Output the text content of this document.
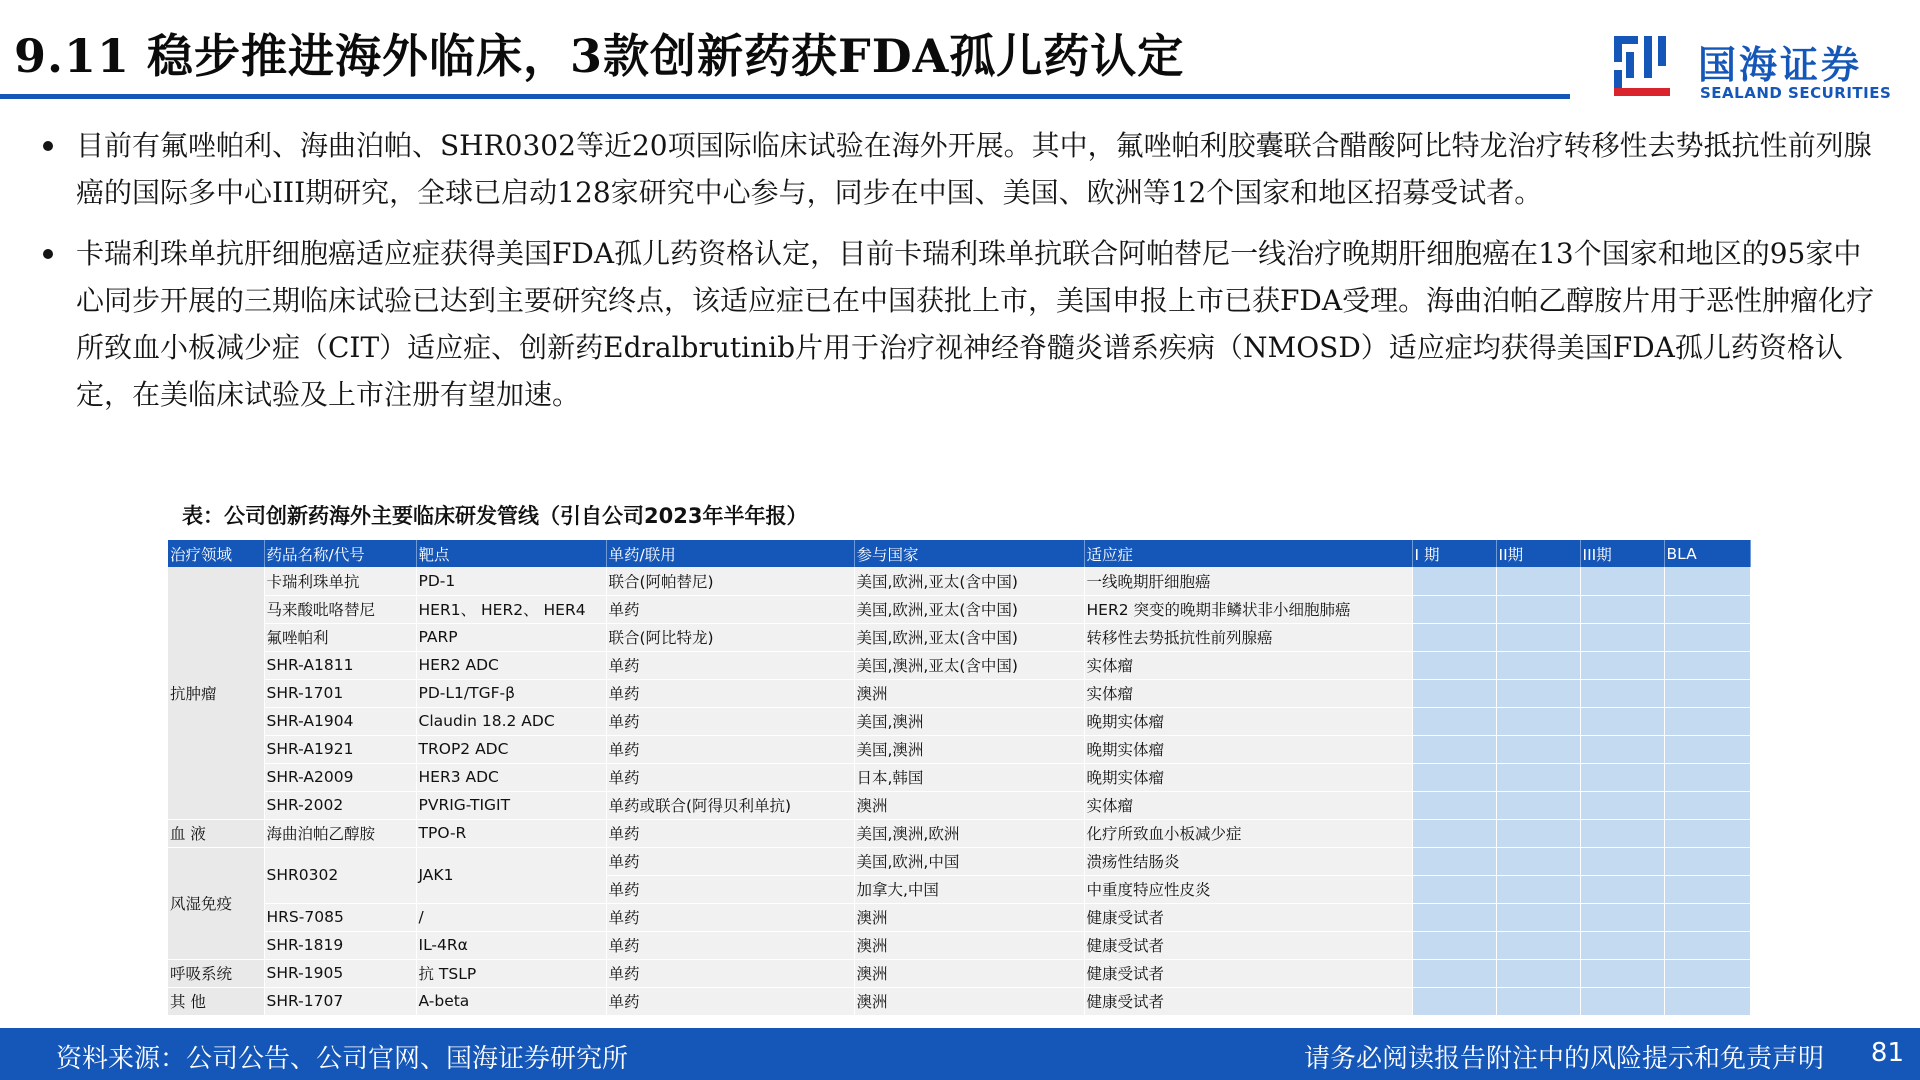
9.11 稳步推进海外临床，3款创新药获FDA孤儿药认定	国海证券
SEALAND SECURITIES

目前有氟唑帕利、海曲泊帕、SHR0302等近20项国际临床试验在海外开展。其中，氟唑帕利胶囊联合醋酸阿比特龙治疗转移性去势抵抗性前列腺癌的国际多中心III期研究，全球已启动128家研究中心参与，同步在中国、美国、欧洲等12个国家和地区招募受试者。

卡瑞利珠单抗肝细胞癌适应症获得美国FDA孤儿药资格认定，目前卡瑞利珠单抗联合阿帕替尼一线治疗晚期肝细胞癌在13个国家和地区的95家中心同步开展的三期临床试验已达到主要研究终点，该适应症已在中国获批上市，美国申报上市已获FDA受理。海曲泊帕乙醇胺片用于恶性肿瘤化疗所致血小板减少症（CIT）适应症、创新药Edralbrutinib片用于治疗视神经脊髓炎谱系疾病（NMOSD）适应症均获得美国FDA孤儿药资格认定，在美临床试验及上市注册有望加速。

表：公司创新药海外主要临床研发管线（引自公司2023年半年报）
治疗领域	药品名称/代号	靶点	单药/联用	参与国家	适应症	I 期	II期	III期	BLA
抗肿瘤	卡瑞利珠单抗	PD-1	联合(阿帕替尼)	美国,欧洲,亚太(含中国)	一线晚期肝细胞癌				
	马来酸吡咯替尼	HER1、 HER2、 HER4	单药	美国,欧洲,亚太(含中国)	HER2 突变的晚期非鳞状非小细胞肺癌				
	氟唑帕利	PARP	联合(阿比特龙)	美国,欧洲,亚太(含中国)	转移性去势抵抗性前列腺癌				
	SHR-A1811	HER2 ADC	单药	美国,澳洲,亚太(含中国)	实体瘤				
	SHR-1701	PD-L1/TGF-β	单药	澳洲	实体瘤				
	SHR-A1904	Claudin 18.2 ADC	单药	美国,澳洲	晚期实体瘤				
	SHR-A1921	TROP2 ADC	单药	美国,澳洲	晚期实体瘤				
	SHR-A2009	HER3 ADC	单药	日本,韩国	晚期实体瘤				
	SHR-2002	PVRIG-TIGIT	单药或联合(阿得贝利单抗)	澳洲	实体瘤				
血 液	海曲泊帕乙醇胺	TPO-R	单药	美国,澳洲,欧洲	化疗所致血小板减少症				
风湿免疫	SHR0302	JAK1	单药	美国,欧洲,中国	溃疡性结肠炎				
			单药	加拿大,中国	中重度特应性皮炎				
	HRS-7085	/	单药	澳洲	健康受试者				
	SHR-1819	IL-4Rα	单药	澳洲	健康受试者				
呼吸系统	SHR-1905	抗 TSLP	单药	澳洲	健康受试者				
其 他	SHR-1707	A-beta	单药	澳洲	健康受试者				
资料来源：公司公告、公司官网、国海证券研究所	请务必阅读报告附注中的风险提示和免责声明 81
